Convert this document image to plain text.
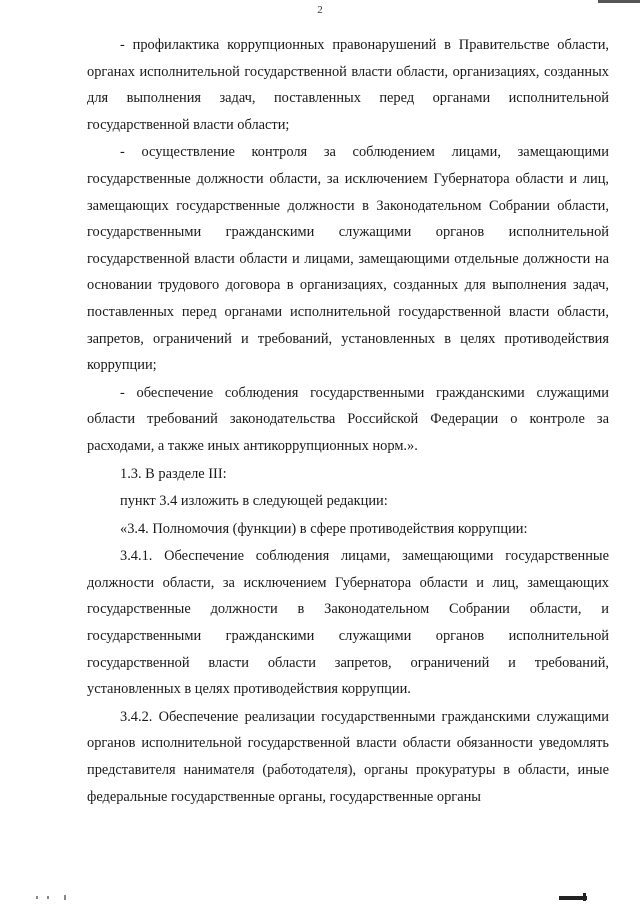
2

- профилактика коррупционных правонарушений в Правительстве области, органах исполнительной государственной власти области, организациях, созданных для выполнения задач, поставленных перед органами исполнительной государственной власти области;

- осуществление контроля за соблюдением лицами, замещающими государственные должности области, за исключением Губернатора области и лиц, замещающих государственные должности в Законодательном Собрании области, государственными гражданскими служащими органов исполнительной государственной власти области и лицами, замещающими отдельные должности на основании трудового договора в организациях, созданных для выполнения задач, поставленных перед органами исполнительной государственной власти области, запретов, ограничений и требований, установленных в целях противодействия коррупции;

- обеспечение соблюдения государственными гражданскими служащими области требований законодательства Российской Федерации о контроле за расходами, а также иных антикоррупционных норм.».

1.3. В разделе III:

пункт 3.4 изложить в следующей редакции:

«3.4. Полномочия (функции) в сфере противодействия коррупции:

3.4.1. Обеспечение соблюдения лицами, замещающими государственные должности области, за исключением Губернатора области и лиц, замещающих государственные должности в Законодательном Собрании области, и государственными гражданскими служащими органов исполнительной государственной власти области запретов, ограничений и требований, установленных в целях противодействия коррупции.

3.4.2. Обеспечение реализации государственными гражданскими служащими органов исполнительной государственной власти области обязанности уведомлять представителя нанимателя (работодателя), органы прокуратуры в области, иные федеральные государственные органы, государственные органы
